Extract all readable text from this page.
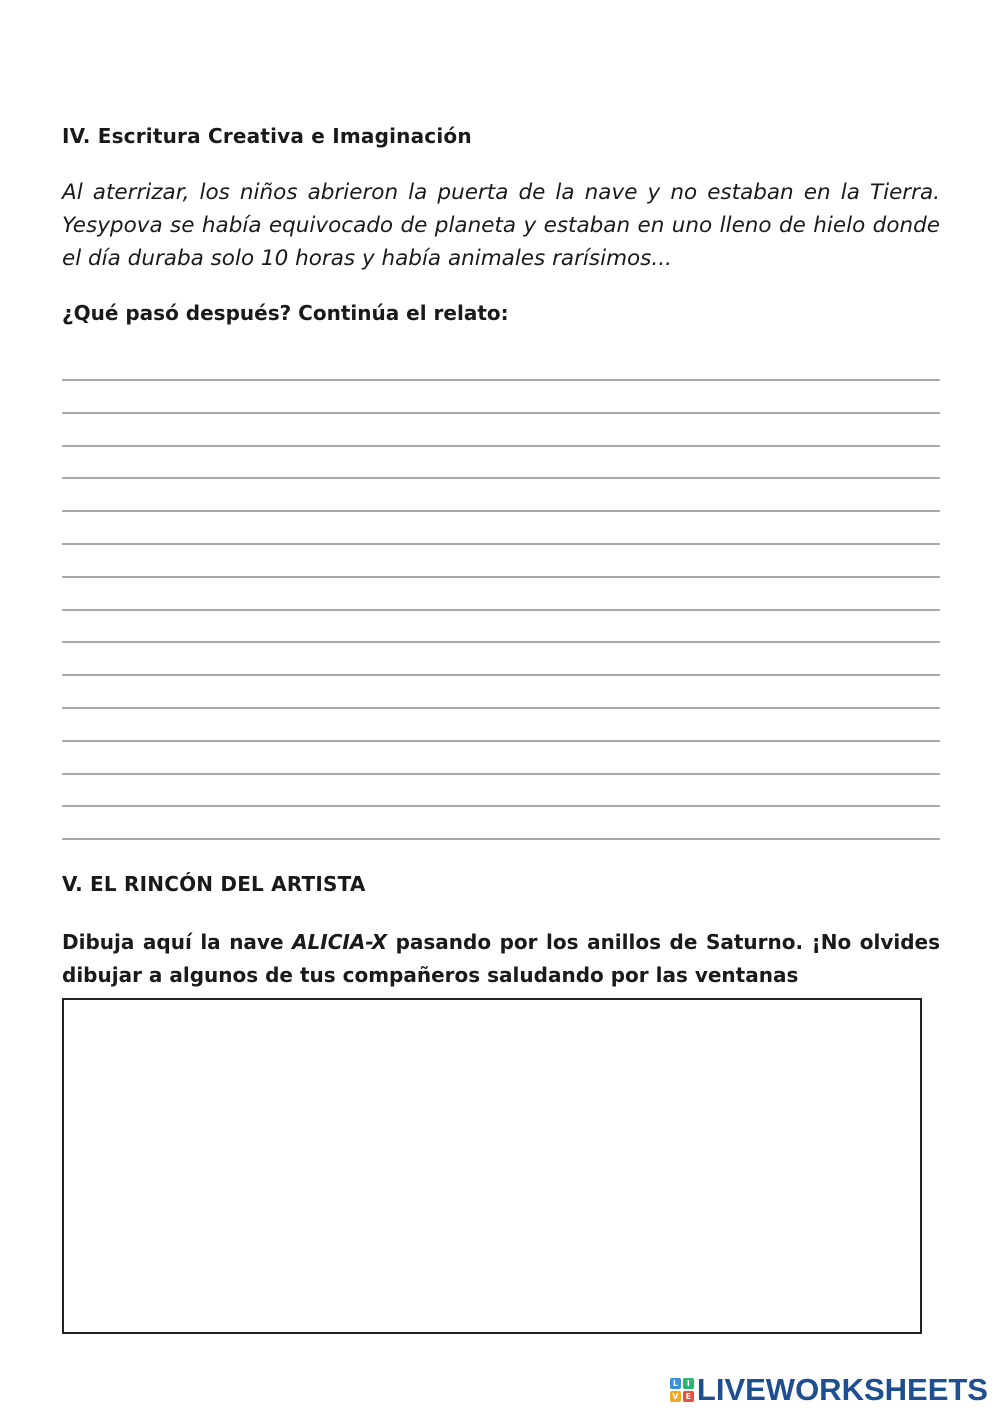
IV. Escritura Creativa e Imaginación

Al aterrizar, los niños abrieron la puerta de la nave y no estaban en la Tierra. Yesypova se había equivocado de planeta y estaban en uno lleno de hielo donde el día duraba solo 10 horas y había animales rarísimos...

¿Qué pasó después? Continúa el relato:

V. EL RINCÓN DEL ARTISTA

Dibuja aquí la nave ALICIA-X pasando por los anillos de Saturno. ¡No olvides dibujar a algunos de tus compañeros saludando por las ventanas

L	I
V E LIVEWORKSHEETS
